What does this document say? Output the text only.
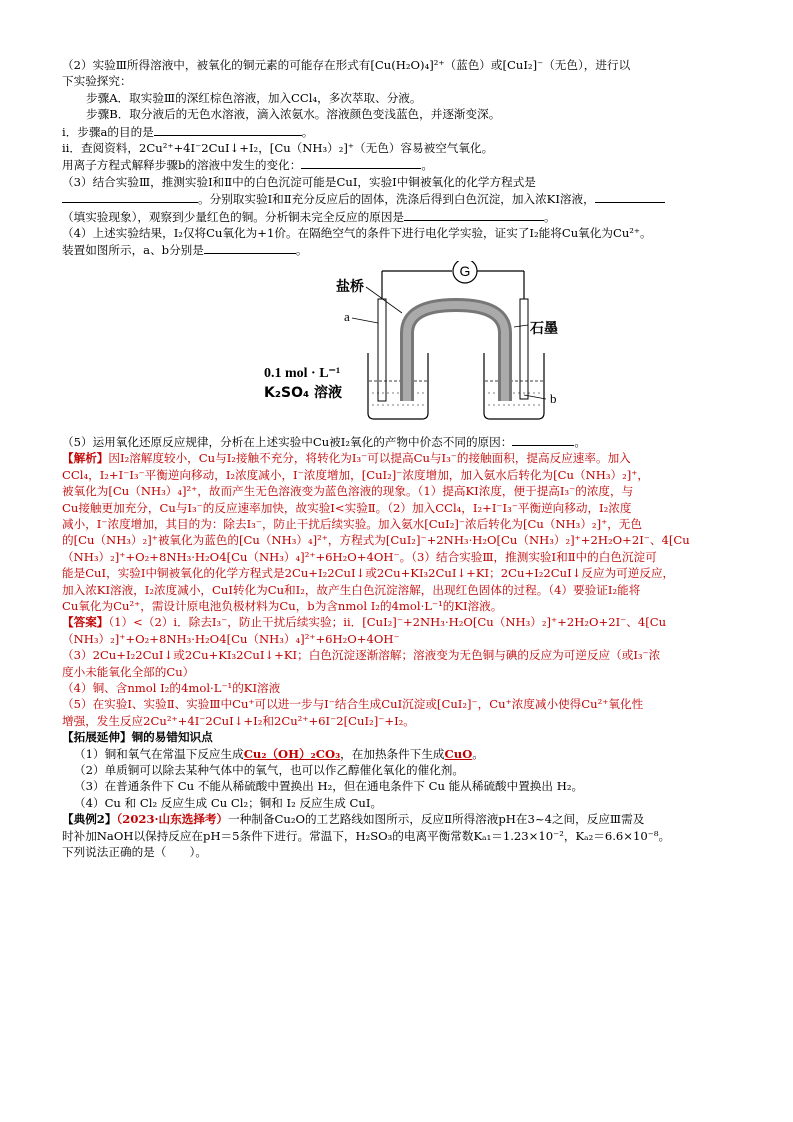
（2）实验Ⅲ所得溶液中，被氧化的铜元素的可能存在形式有[Cu(H₂O)₄]²⁺（蓝色）或[CuI₂]⁻（无色），进行以
下实验探究：
步骤A．取实验Ⅲ的深红棕色溶液，加入CCl₄，多次萃取、分液。
步骤B．取分液后的无色水溶液，滴入浓氨水。溶液颜色变浅蓝色，并逐渐变深。
ⅰ．步骤a的目的是	。
ⅱ．查阅资料，2Cu²⁺+4I⁻2CuI↓+I₂，[Cu（NH₃）₂]⁺（无色）容易被空气氧化。
用离子方程式解释步骤b的溶液中发生的变化：	。
（3）结合实验Ⅲ，推测实验Ⅰ和Ⅱ中的白色沉淀可能是CuI，实验Ⅰ中铜被氧化的化学方程式是
。分别取实验Ⅰ和Ⅱ充分反应后的固体，洗涤后得到白色沉淀，加入浓KI溶液，
（填实验现象），观察到少量红色的铜。分析铜未完全反应的原因是	。
（4）上述实验结果，I₂仅将Cu氧化为+1价。在隔绝空气的条件下进行电化学实验，证实了I₂能将Cu氧化为Cu²⁺。
装置如图所示，a、b分别是	。
G
盐桥
a
石墨
b
0.1 mol · L⁻¹
K₂SO₄ 溶液
（5）运用氧化还原反应规律，分析在上述实验中Cu被I₂氧化的产物中价态不同的原因：	。
【解析】因I₂溶解度较小，Cu与I₂接触不充分，将转化为I₃⁻可以提高Cu与I₃⁻的接触面积，提高反应速率。加入
CCl₄，I₂+I⁻I₃⁻平衡逆向移动，I₂浓度减小，I⁻浓度增加，[CuI₂]⁻浓度增加，加入氨水后转化为[Cu（NH₃）₂]⁺，
被氧化为[Cu（NH₃）₄]²⁺，故而产生无色溶液变为蓝色溶液的现象。（1）提高KI浓度，便于提高I₃⁻的浓度，与
Cu接触更加充分，Cu与I₃⁻的反应速率加快，故实验Ⅰ<实验Ⅱ。（2）加入CCl₄，I₂+I⁻I₃⁻平衡逆向移动，I₂浓度
减小，I⁻浓度增加，其目的为：除去I₃⁻，防止干扰后续实验。加入氨水[CuI₂]⁻浓后转化为[Cu（NH₃）₂]⁺，无色
的[Cu（NH₃）₂]⁺被氧化为蓝色的[Cu（NH₃）₄]²⁺，方程式为[CuI₂]⁻+2NH₃·H₂O[Cu（NH₃）₂]⁺+2H₂O+2I⁻、4[Cu
（NH₃）₂]⁺+O₂+8NH₃·H₂O4[Cu（NH₃）₄]²⁺+6H₂O+4OH⁻。（3）结合实验Ⅲ，推测实验Ⅰ和Ⅱ中的白色沉淀可
能是CuI，实验Ⅰ中铜被氧化的化学方程式是2Cu+I₂2CuI↓或2Cu+KI₃2CuI↓+KI；2Cu+I₂2CuI↓反应为可逆反应，
加入浓KI溶液，I₂浓度减小，CuI转化为Cu和I₂，故产生白色沉淀溶解，出现红色固体的过程。（4）要验证I₂能将
Cu氧化为Cu²⁺，需设计原电池负极材料为Cu，b为含nmol I₂的4mol·L⁻¹的KI溶液。
【答案】（1）<（2）ⅰ．除去I₃⁻，防止干扰后续实验；ⅱ．[CuI₂]⁻+2NH₃·H₂O[Cu（NH₃）₂]⁺+2H₂O+2I⁻、4[Cu
（NH₃）₂]⁺+O₂+8NH₃·H₂O4[Cu（NH₃）₄]²⁺+6H₂O+4OH⁻
（3）2Cu+I₂2CuI↓或2Cu+KI₃2CuI↓+KI；白色沉淀逐渐溶解；溶液变为无色铜与碘的反应为可逆反应（或I₃⁻浓
度小未能氧化全部的Cu）
（4）铜、含nmol I₂的4mol·L⁻¹的KI溶液
（5）在实验Ⅰ、实验Ⅱ、实验Ⅲ中Cu⁺可以进一步与I⁻结合生成CuI沉淀或[CuI₂]⁻，Cu⁺浓度减小使得Cu²⁺氧化性
增强，发生反应2Cu²⁺+4I⁻2CuI↓+I₂和2Cu²⁺+6I⁻2[CuI₂]⁻+I₂。
【拓展延伸】铜的易错知识点
（1）铜和氧气在常温下反应生成Cu₂（OH）₂CO₃，在加热条件下生成CuO。
（2）单质铜可以除去某种气体中的氧气，也可以作乙醇催化氧化的催化剂。
（3）在普通条件下 Cu 不能从稀硫酸中置换出 H₂，但在通电条件下 Cu 能从稀硫酸中置换出 H₂。
（4）Cu 和 Cl₂ 反应生成 Cu Cl₂；铜和 I₂ 反应生成 CuI。
【典例2】（2023·山东选择考）一种制备Cu₂O的工艺路线如图所示，反应Ⅱ所得溶液pH在3~4之间，反应Ⅲ需及
时补加NaOH以保持反应在pH＝5条件下进行。常温下，H₂SO₃的电离平衡常数Kₐ₁＝1.23×10⁻²，Kₐ₂＝6.6×10⁻⁸。
下列说法正确的是（　　）。
